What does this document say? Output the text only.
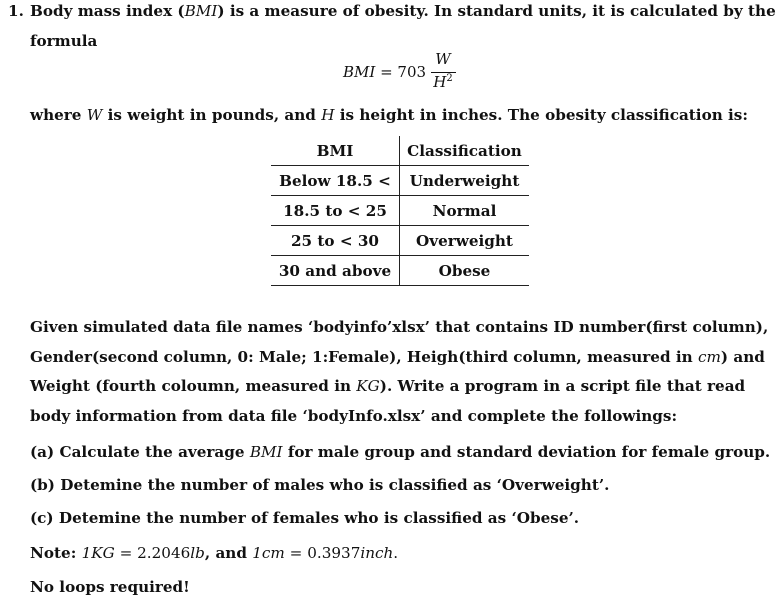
1. Body mass index (BMI) is a measure of obesity. In standard units, it is calculated by the
formula
BMI = 703
W
$H^2$
where W is weight in pounds, and H is height in inches. The obesity classification is:
BMI	Classification
Below 18.5 <	Underweight
18.5 to < 25	Normal
25 to < 30	Overweight
30 and above	Obese
Given simulated data file names ‘bodyinfo’xlsx’ that contains ID number(first column),
Gender(second column, 0: Male; 1:Female), Heigh(third column, measured in cm) and
Weight (fourth coloumn, measured in KG). Write a program in a script file that read
body information from data file ‘bodyInfo.xlsx’ and complete the followings:
(a) Calculate the average BMI for male group and standard deviation for female group.
(b) Detemine the number of males who is classified as ‘Overweight’.
(c) Detemine the number of females who is classified as ‘Obese’.
Note: 1KG = 2.2046lb, and 1cm = 0.3937inch.
No loops required!
